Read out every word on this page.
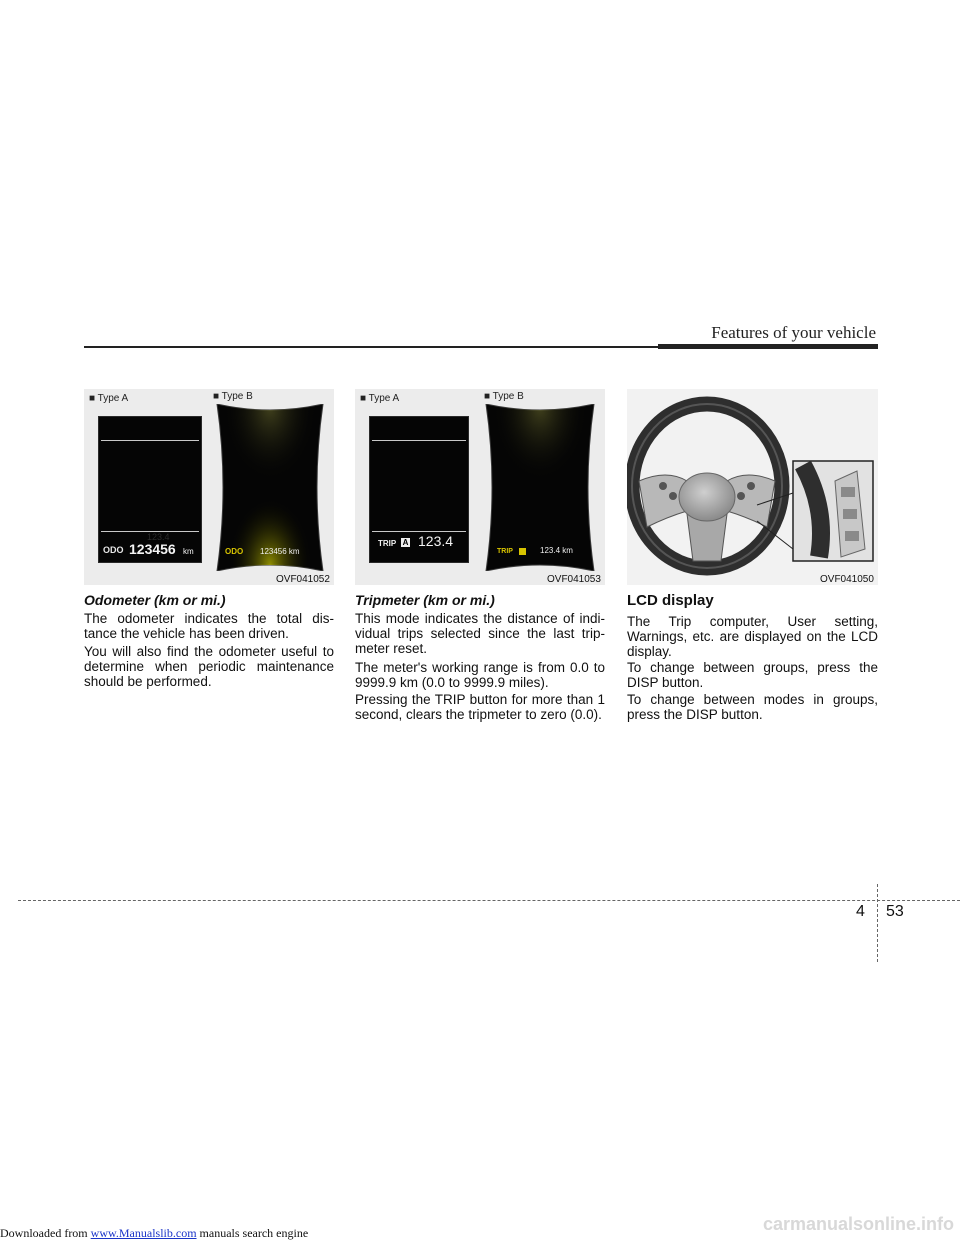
Features of your vehicle
■ Type A	■ Type B
123.4
ODO 123456 km	ODO 123456 km
OVF041052
■ Type A	■ Type B
TRIP A 123.4
TRIP	123.4 km
OVF041053	OVF041050
Odometer (km or mi.)

The odometer indicates the total dis- tance the vehicle has been driven.

You will also find the odometer useful to determine when periodic maintenance should be performed.

Tripmeter (km or mi.)

This mode indicates the distance of indi- vidual trips selected since the last trip- meter reset.

The meter's working range is from 0.0 to 9999.9 km (0.0 to 9999.9 miles).

Pressing the TRIP button for more than 1 second, clears the tripmeter to zero (0.0).

LCD display

The Trip computer, User setting, Warnings, etc. are displayed on the LCD display.

To change between groups, press the DISP button.

To change between modes in groups, press the DISP button.

4 53
carmanualsonline.info
Downloaded from www.Manualslib.com manuals search engine
